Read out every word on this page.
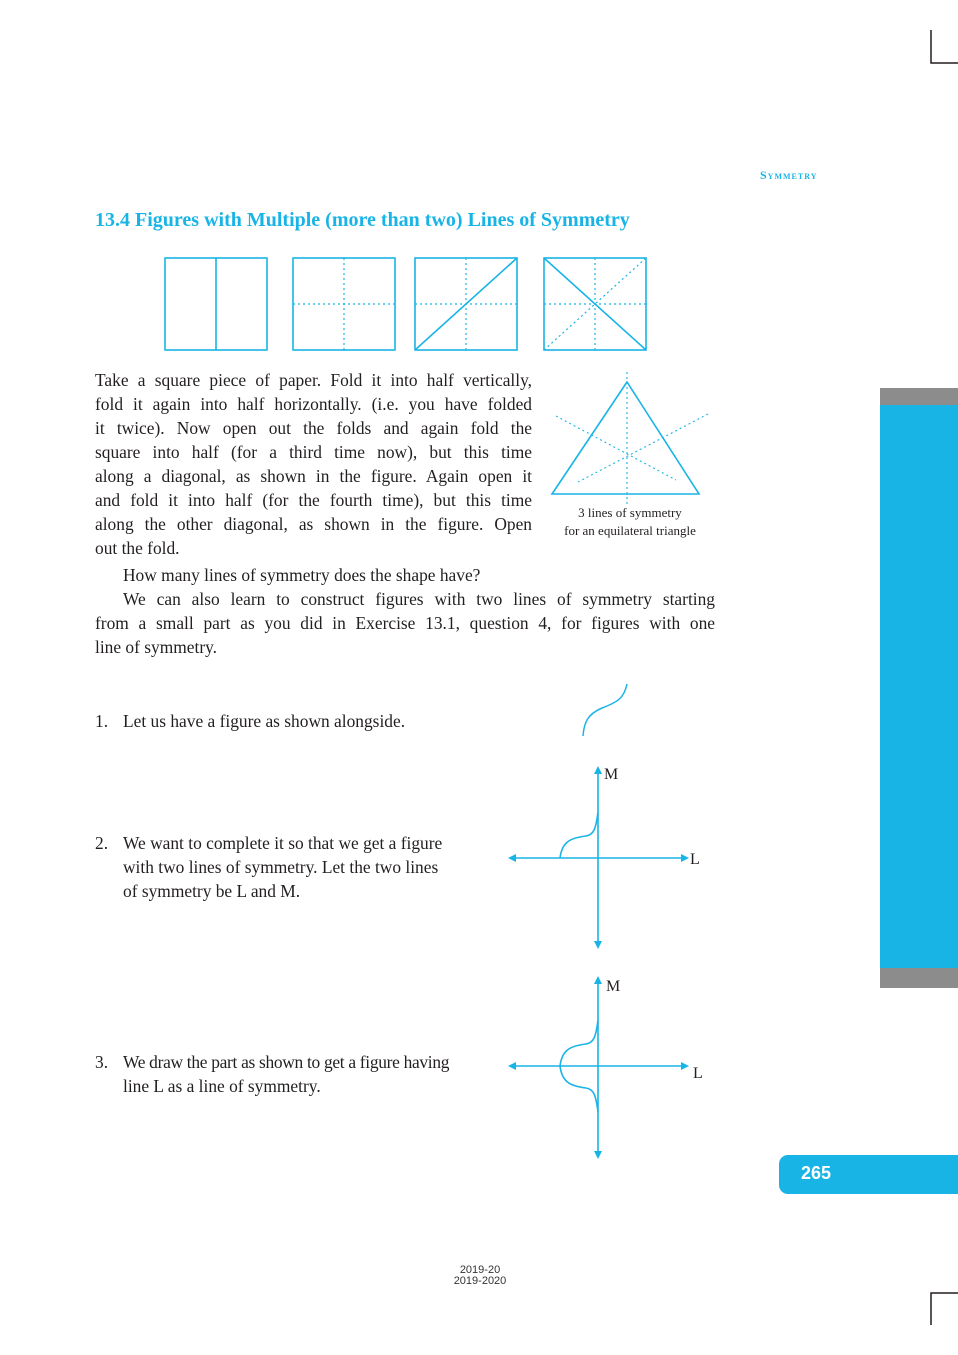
Symmetry
13.4 Figures with Multiple (more than two) Lines of Symmetry
Take a square piece of paper. Fold it into half vertically,
fold it again into half horizontally. (i.e. you have folded
it twice). Now open out the folds and again fold the
square into half (for a third time now), but this time
along a diagonal, as shown in the figure. Again open it
and fold it into half (for the fourth time), but this time
along the other diagonal, as shown in the figure. Open
out the fold.
3 lines of symmetry
for an equilateral triangle
How many lines of symmetry does the shape have?
We can also learn to construct figures with two lines of symmetry starting
from a small part as you did in Exercise 13.1, question 4, for figures with one
line of symmetry.
1. Let us have a figure as shown alongside.
2. We want to complete it so that we get a figure
with two lines of symmetry. Let the two lines
of symmetry be L and M.
M
L
3. We draw the part as shown to get a figure having
line L as a line of symmetry.
M
L
265
2019-20
2019-2020
